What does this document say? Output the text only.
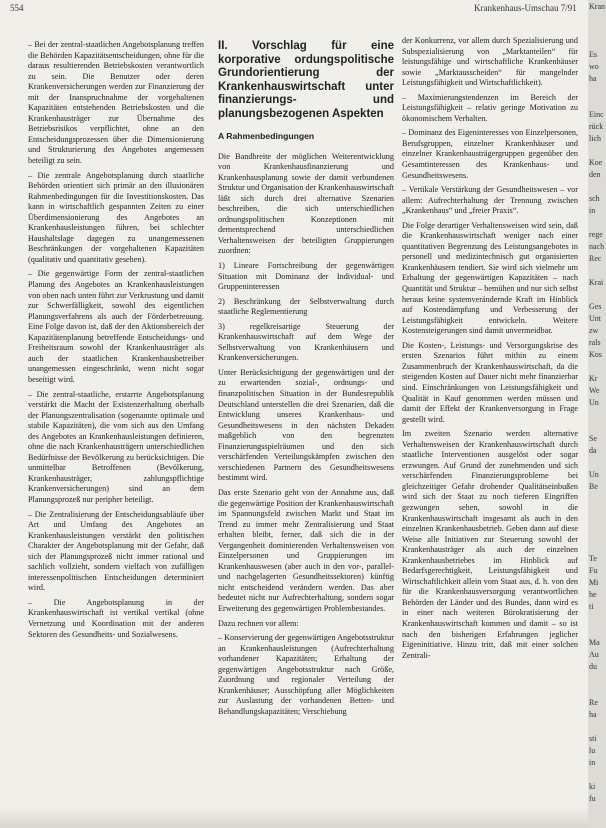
554	Krankenhaus-Umschau 7/91

– Bei der zentral-staatlichen Angebotsplanung treffen die Behörden Kapazitätsentscheidungen, ohne für die daraus resultierenden Betriebskosten verantwortlich zu sein. Die Benutzer oder deren Krankenversicherungen werden zur Finanzierung der mit der Inanspruchnahme der vorgehaltenen Kapazitäten entstehenden Betriebskosten und die Krankenhausträger zur Übernahme des Betriebsrisikos verpflichtet, ohne an den Entscheidungsprozessen über die Dimensionierung und Strukturierung des Angebotes angemessen beteiligt zu sein.

– Die zentrale Angebotsplanung durch staatliche Behörden orientiert sich primär an den illusionären Rahmenbedingungen für die Investitionskosten. Das kann in wirtschaftlich gespannten Zeiten zu einer Überdimensionierung des Angebotes an Krankenhausleistungen führen, bei schlechter Haushaltslage dagegen zu unangemessenen Beschränkungen der vorgehaltenen Kapazitäten (qualitativ und quantitativ gesehen).

– Die gegenwärtige Form der zentral-staatlichen Planung des Angebotes an Krankenhausleistungen von oben nach unten führt zur Verkrustung und damit zur Schwerfälligkeit, sowohl des eigentlichen Planungsverfahrens als auch der Förderbetreuung. Eine Folge davon ist, daß der den Aktionsbereich der Kapazitätenplanung betreffende Entscheidungs- und Freiheitsraum sowohl der Krankenhausträger als auch der staatlichen Krankenhausbetreiber unangemessen eingeschränkt, wenn nicht sogar beseitigt wird.

– Die zentral-staatliche, erstarrte Angebotsplanung verstärkt die Macht der Existenzerhaltung oberhalb der Planungszentralisation (sogenannte optimale und stabile Kapazitäten), die vom sich aus den Umfang des Angebotes an Krankenhausleistungen definieren, ohne die nach Krankenhausträgern unterschiedlichen Bedürfnisse der Bevölkerung zu berücksichtigen. Die unmittelbar Betroffenen (Bevölkerung, Krankenhausträger, zahlungspflichtige Krankenversicherungen) sind an dem Planungsprozeß nur peripher beteiligt.

– Die Zentralisierung der Entscheidungsabläufe über Art und Umfang des Angebotes an Krankenhausleistungen verstärkt den politischen Charakter der Angebotsplanung mit der Gefahr, daß sich der Planungsprozeß nicht immer rational und sachlich vollzieht, sondern vielfach von zufälligen interessenpolitischen Entscheidungen determiniert wird.

– Die Angebotsplanung in der Krankenhauswirtschaft ist vertikal vertikal (ohne Vernetzung und Koordination mit der anderen Sektoren des Gesundheits- und Sozialwesens.

II. Vorschlag für eine korporative ordungspolitische Grundorientierung der Krankenhauswirtschaft unter finanzierungs- und planungsbezogenen Aspekten
A Rahmenbedingungen

Die Bandbreite der möglichen Weiterentwicklung von Krankenhausfinanzierung und Krankenhausplanung sowie der damit verbundenen Struktur und Organisation der Krankenhauswirtschaft läßt sich durch drei alternative Szenarien beschreiben, die sich unterschiedlichen ordnungspolitischen Konzeptionen mit dementsprechend unterschiedlichen Verhaltensweisen der beteiligten Gruppierungen zuordnen:

1) Lineare Fortschreibung der gegenwärtigen Situation mit Dominanz der Individual- und Gruppeninteressen

2) Beschränkung der Selbstverwaltung durch staatliche Reglementierung

3) regelkreisartige Steuerung der Krankenhauswirtschaft auf dem Wege der Selbstverwaltung von Krankenhäusern und Krankenversicherungen.

Unter Berücksichtigung der gegenwärtigen und der zu erwartenden sozial-, ordnungs- und finanzpolitischen Situation in der Bundesrepublik Deutschland unterstellen die drei Szenarien, daß die Entwicklung unseres Krankenhaus- und Gesundheitswesens in den nächsten Dekaden maßgeblich von den begrenzten Finanzierungsspielräumen und den sich verschärfenden Verteilungskämpfen zwischen den verschiedenen Partnern des Gesundheitswesens bestimmt wird.

Das erste Szenario geht von der Annahme aus, daß die gegenwärtige Position der Krankenhauswirtschaft im Spannungsfeld zwischen Markt und Staat im Trend zu immer mehr Zentralisierung und Staat erhalten bleibt, ferner, daß sich die in der Vergangenheit dominierenden Verhaltensweisen von Einzelpersonen und Gruppierungen im Krankenhauswesen (aber auch in den vor-, parallel- und nachgelagerten Gesundheitssektoren) künftig nicht entscheidend verändern werden. Das aber bedeutet nicht nur Aufrechterhaltung, sondern sogar Erweiterung des gegenwärtigen Problembestandes.

Dazu rechnen vor allem:

– Konservierung der gegenwärtigen Angebotsstruktur an Krankenhausleistungen (Aufrechterhaltung vorhandener Kapazitäten; Erhaltung der gegenwärtigen Angebotsstruktur nach Größe, Zuordnung und regionaler Verteilung der Krankenhäuser; Ausschöpfung aller Möglichkeiten zur Auslastung der vorhandenen Betten- und Behandlungskapazitäten; Verschiebung

der Konkurrenz, vor allem durch Spezialisierung und Subspezialisierung von „Marktanteilen“ für leistungsfähige und wirtschaftliche Krankenhäuser sowie „Marktausscheiden“ für mangelnder Leistungsfähigkeit und Wirtschaftlichkeit).

– Maximierungstendenzen im Bereich der Leistungsfähigkeit – relativ geringe Motivation zu ökonomischem Verhalten.

– Dominanz des Eigeninteresses von Einzelpersonen, Berufsgruppen, einzelner Krankenhäuser und einzelner Krankenhausträgergruppen gegenüber den Gesamtinteressen des Krankenhaus- und Gesundheitswesens.

– Vertikale Verstärkung der Gesundheitswesen – vor allem: Aufrechterhaltung der Trennung zwischen „Krankenhaus“ und „freier Praxis“.

Die Folge derartiger Verhaltensweisen wird sein, daß die Krankenhauswirtschaft weniger nach einer quantitativen Begrenzung des Leistungsangebotes in personell und medizintechnisch gut organisierten Krankenhäusern tendiert. Sie wird sich vielmehr um Erhaltung der gegenwärtigen Kapazitäten – nach Quantität und Struktur – bemühen und nur sich selbst heraus keine systemverändernde Kraft im Hinblick auf Kostendämpfung und Verbesserung der Leistungsfähigkeit entwickeln. Weitere Kostensteigerungen sind damit unvermeidbar.

Die Kosten-, Leistungs- und Versorgungskrise des ersten Szenarios führt mithin zu einem Zusammenbruch der Krankenhauswirtschaft, da die steigenden Kosten auf Dauer nicht mehr finanzierbar sind. Einschränkungen von Leistungsfähigkeit und Qualität in Kauf genommen werden müssen und damit der Effekt der Krankenversorgung in Frage gestellt wird.

Im zweiten Szenario werden alternative Verhaltensweisen der Krankenhauswirtschaft durch staatliche Interventionen ausgelöst oder sogar erzwungen. Auf Grund der zunehmenden und sich verschärfenden Finanzierungsprobleme bei gleichzeitiger Gefahr drohender Qualitätseinbußen wird sich der Staat zu noch tieferen Eingriffen gezwungen sehen, sowohl in die Krankenhauswirtschaft insgesamt als auch in den einzelnen Krankenhausbetrieb. Geben dann auf diese Weise alle Initiativen zur Steuerung sowohl der Krankenhausträger als auch der einzelnen Krankenhausbetriebes im Hinblick auf Bedarfsgerechtigkeit, Leistungsfähigkeit und Wirtschaftlichkeit allein vom Staat aus, d. h. von den für die Krankenhausversorgung verantwortlichen Behörden der Länder und des Bundes, dann wird es in einer nach weiteren Bürokratisierung der Krankenhauswirtschaft kommen und damit – so ist nach den bisherigen Erfahrungen jeglicher Eigeninitiative. Hinzu tritt, daß mit einer solchen Zentrali-

Kran

Es
wo
ha

Einc
rück
lich

Koe
den

sch
in

rege
nach
Rec

Krai

Ges
Unt
zw
rals
Kos

Kr
We
Un

Se
da

Un
Be

Te
Fu
Mi
he
ti

Ma
Au
du

Re
ha

sti
lu
in

ki
fu
